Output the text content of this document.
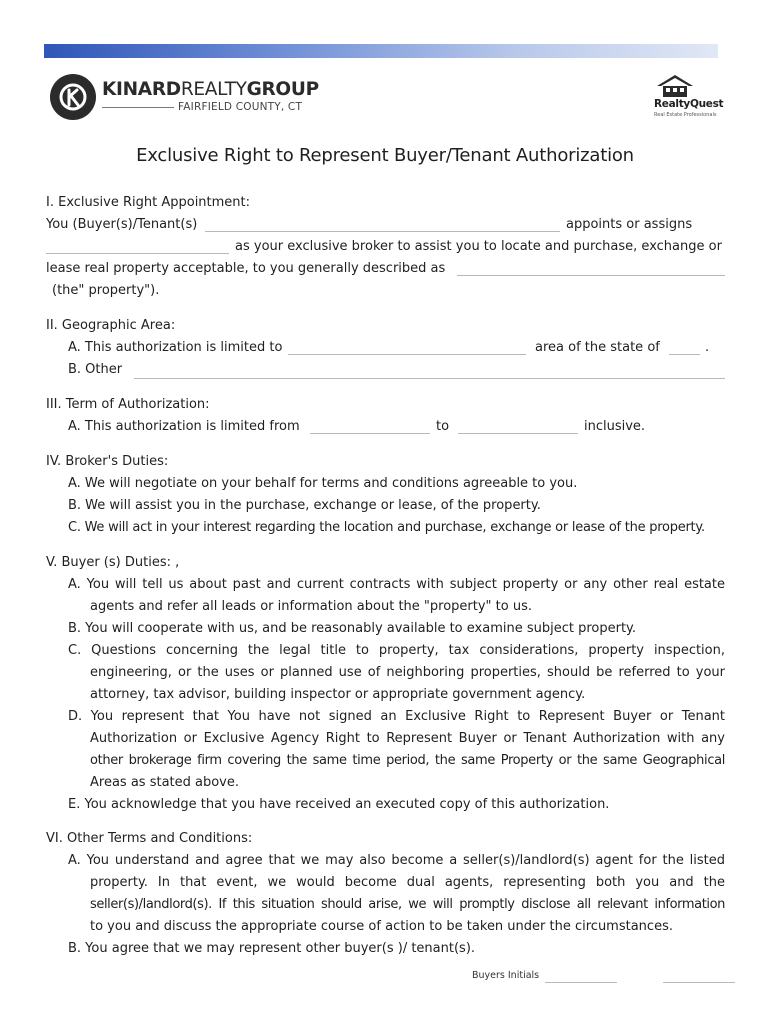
KINARDREALTYGROUP
FAIRFIELD COUNTY, CT	RealtyQuest
Real Estate Professionals
Exclusive Right to Represent Buyer/Tenant Authorization
I. Exclusive Right Appointment:
You (Buyer(s)/Tenant(s)	appoints or assigns
as your exclusive broker to assist you to locate and purchase, exchange or
lease real property acceptable, to you generally described as
(the" property").
II. Geographic Area:
A. This authorization is limited to	area of the state of	.
B. Other
III. Term of Authorization:
A. This authorization is limited from	to	inclusive.
IV. Broker's Duties:
A. We will negotiate on your behalf for terms and conditions agreeable to you.
B. We will assist you in the purchase, exchange or lease, of the property.
C. We will act in your interest regarding the location and purchase, exchange or lease of the property.
V. Buyer (s) Duties: ,
A. You will tell us about past and current contracts with subject property or any other real estate
agents and refer all leads or information about the "property" to us.
B. You will cooperate with us, and be reasonably available to examine subject property.
C. Questions concerning the legal title to property, tax considerations, property inspection,
engineering, or the uses or planned use of neighboring properties, should be referred to your
attorney, tax advisor, building inspector or appropriate government agency.
D. You represent that You have not signed an Exclusive Right to Represent Buyer or Tenant
Authorization or Exclusive Agency Right to Represent Buyer or Tenant Authorization with any
other brokerage firm covering the same time period, the same Property or the same Geographical
Areas as stated above.
E. You acknowledge that you have received an executed copy of this authorization.
VI. Other Terms and Conditions:
A. You understand and agree that we may also become a seller(s)/landlord(s) agent for the listed
property. In that event, we would become dual agents, representing both you and the
seller(s)/landlord(s). If this situation should arise, we will promptly disclose all relevant information
to you and discuss the appropriate course of action to be taken under the circumstances.
B. You agree that we may represent other buyer(s )/ tenant(s).
Buyers Initials
